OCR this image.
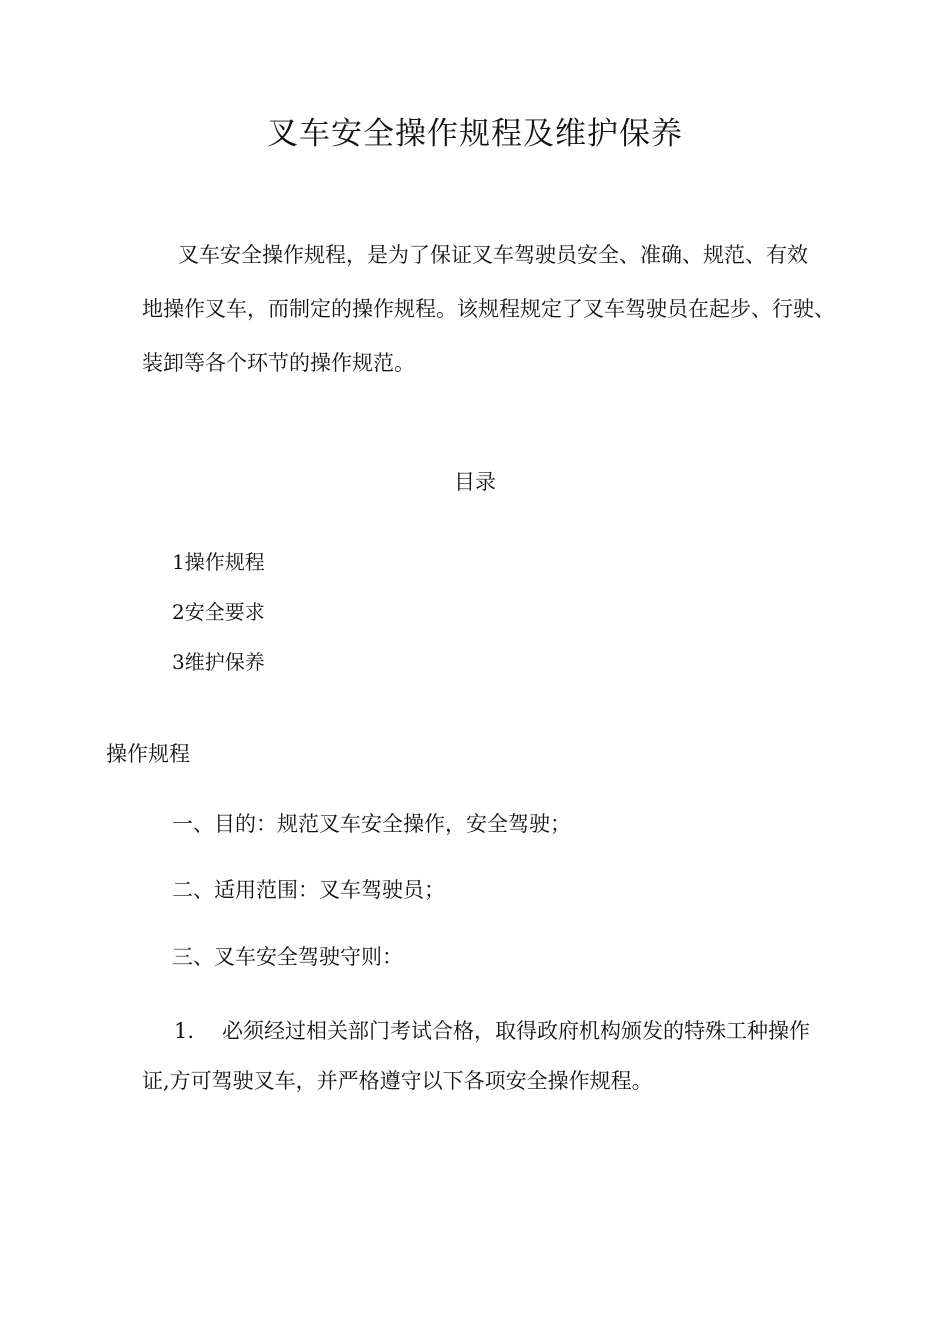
叉车安全操作规程及维护保养

叉车安全操作规程，是为了保证叉车驾驶员安全、准确、规范、有效
地操作叉车，而制定的操作规程。该规程规定了叉车驾驶员在起步、行驶、
装卸等各个环节的操作规范。

目录
1操作规程
2安全要求
3维护保养
操作规程

一、目的：规范叉车安全操作，安全驾驶；

二、适用范围：叉车驾驶员；

三、叉车安全驾驶守则：

1. 必须经过相关部门考试合格，取得政府机构颁发的特殊工种操作
证,方可驾驶叉车，并严格遵守以下各项安全操作规程。
